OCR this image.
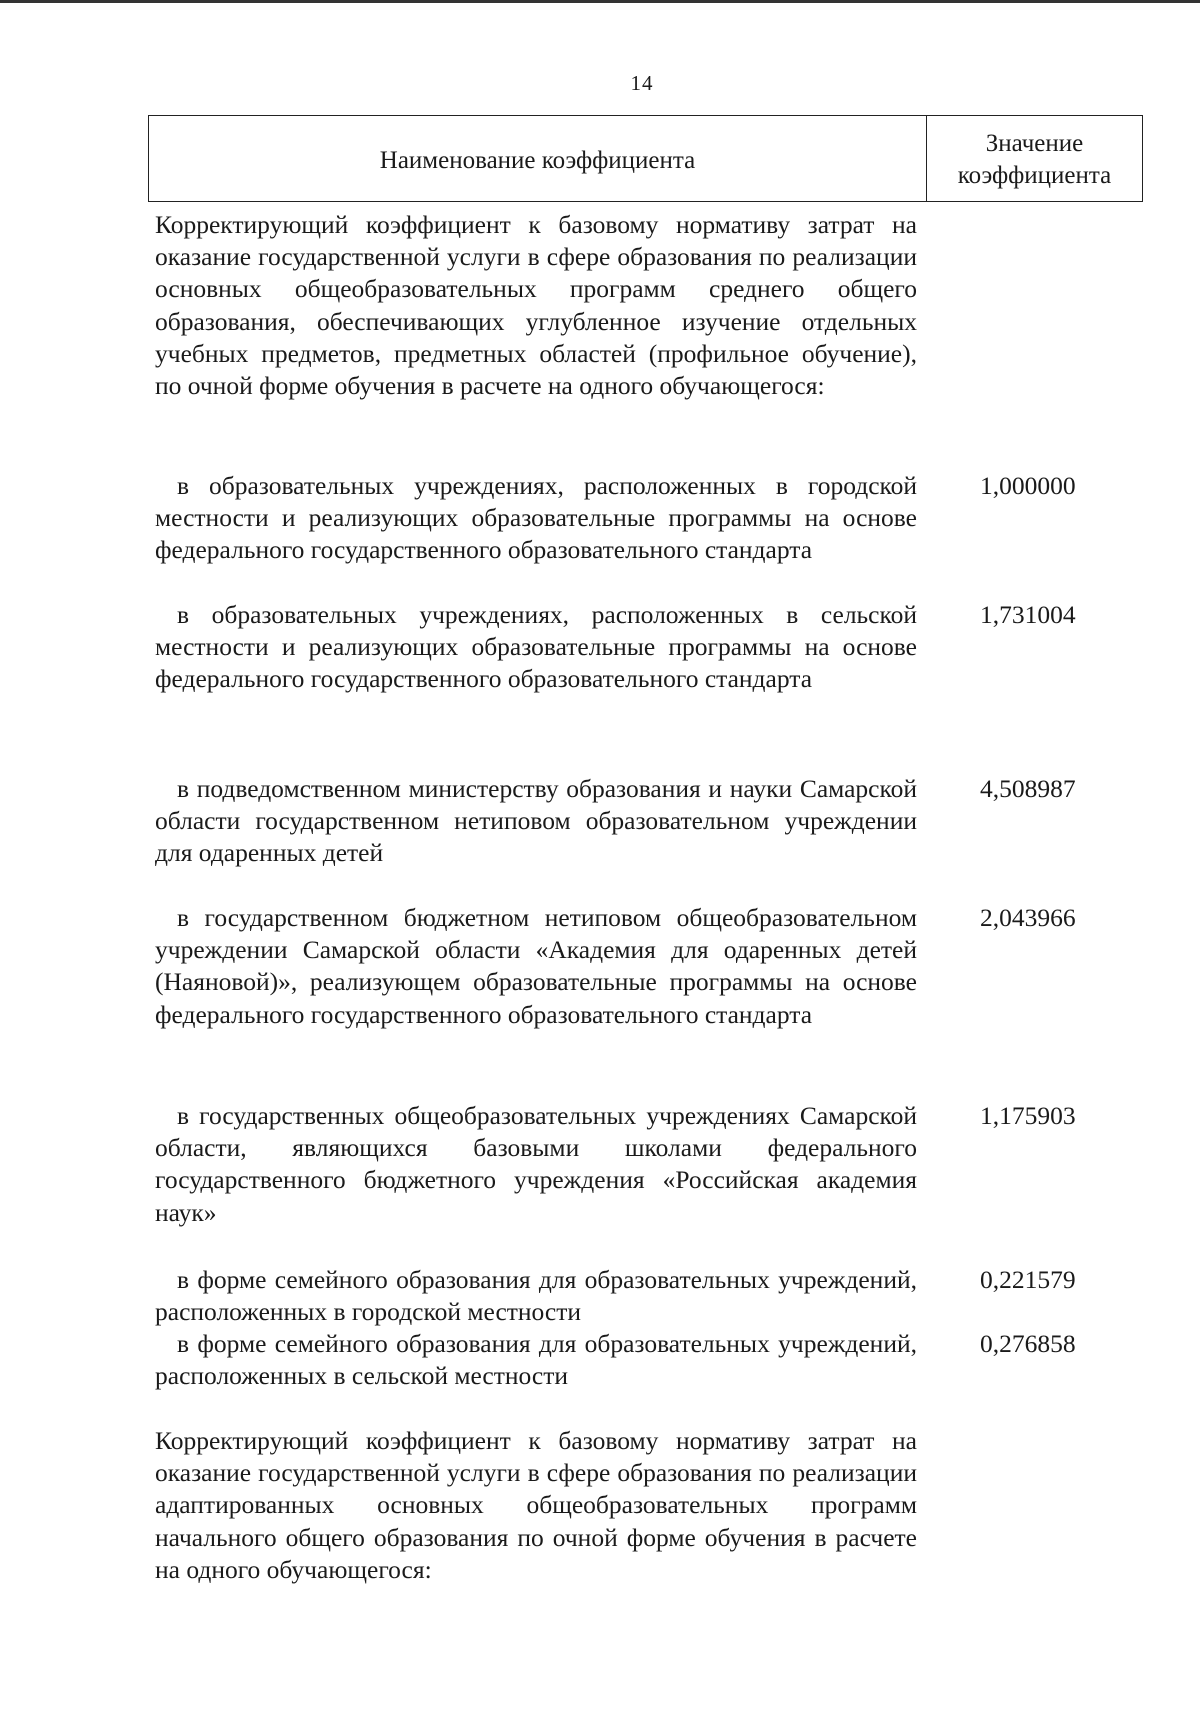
14
Наименование коэффициента
Значение
коэффициента
Корректирующий коэффициент к базовому нормативу затрат на оказание государственной услуги в сфере образования по реализации основных общеобразовательных программ среднего общего образования, обеспечивающих углубленное изучение отдельных учебных предметов, предметных областей (профильное обучение), по очной форме обучения в расчете на одного обучающегося:
в образовательных учреждениях, расположенных в городской местности и реализующих образовательные программы на основе федерального государственного образовательного стандарта
1,000000
в образовательных учреждениях, расположенных в сельской местности и реализующих образовательные программы на основе федерального государственного образовательного стандарта
1,731004
в подведомственном министерству образования и науки Самарской области государственном нетиповом образовательном учреждении для одаренных детей
4,508987
в государственном бюджетном нетиповом общеобразовательном учреждении Самарской области «Академия для одаренных детей (Наяновой)», реализующем образовательные программы на основе федерального государственного образовательного стандарта
2,043966
в государственных общеобразовательных учреждениях Самарской области, являющихся базовыми школами федерального государственного бюджетного учреждения «Российская академия наук»
1,175903
в форме семейного образования для образовательных учреждений, расположенных в городской местности
0,221579
в форме семейного образования для образовательных учреждений, расположенных в сельской местности
0,276858
Корректирующий коэффициент к базовому нормативу затрат на оказание государственной услуги в сфере образования по реализации адаптированных основных общеобразовательных программ начального общего образования по очной форме обучения в расчете на одного обучающегося:
